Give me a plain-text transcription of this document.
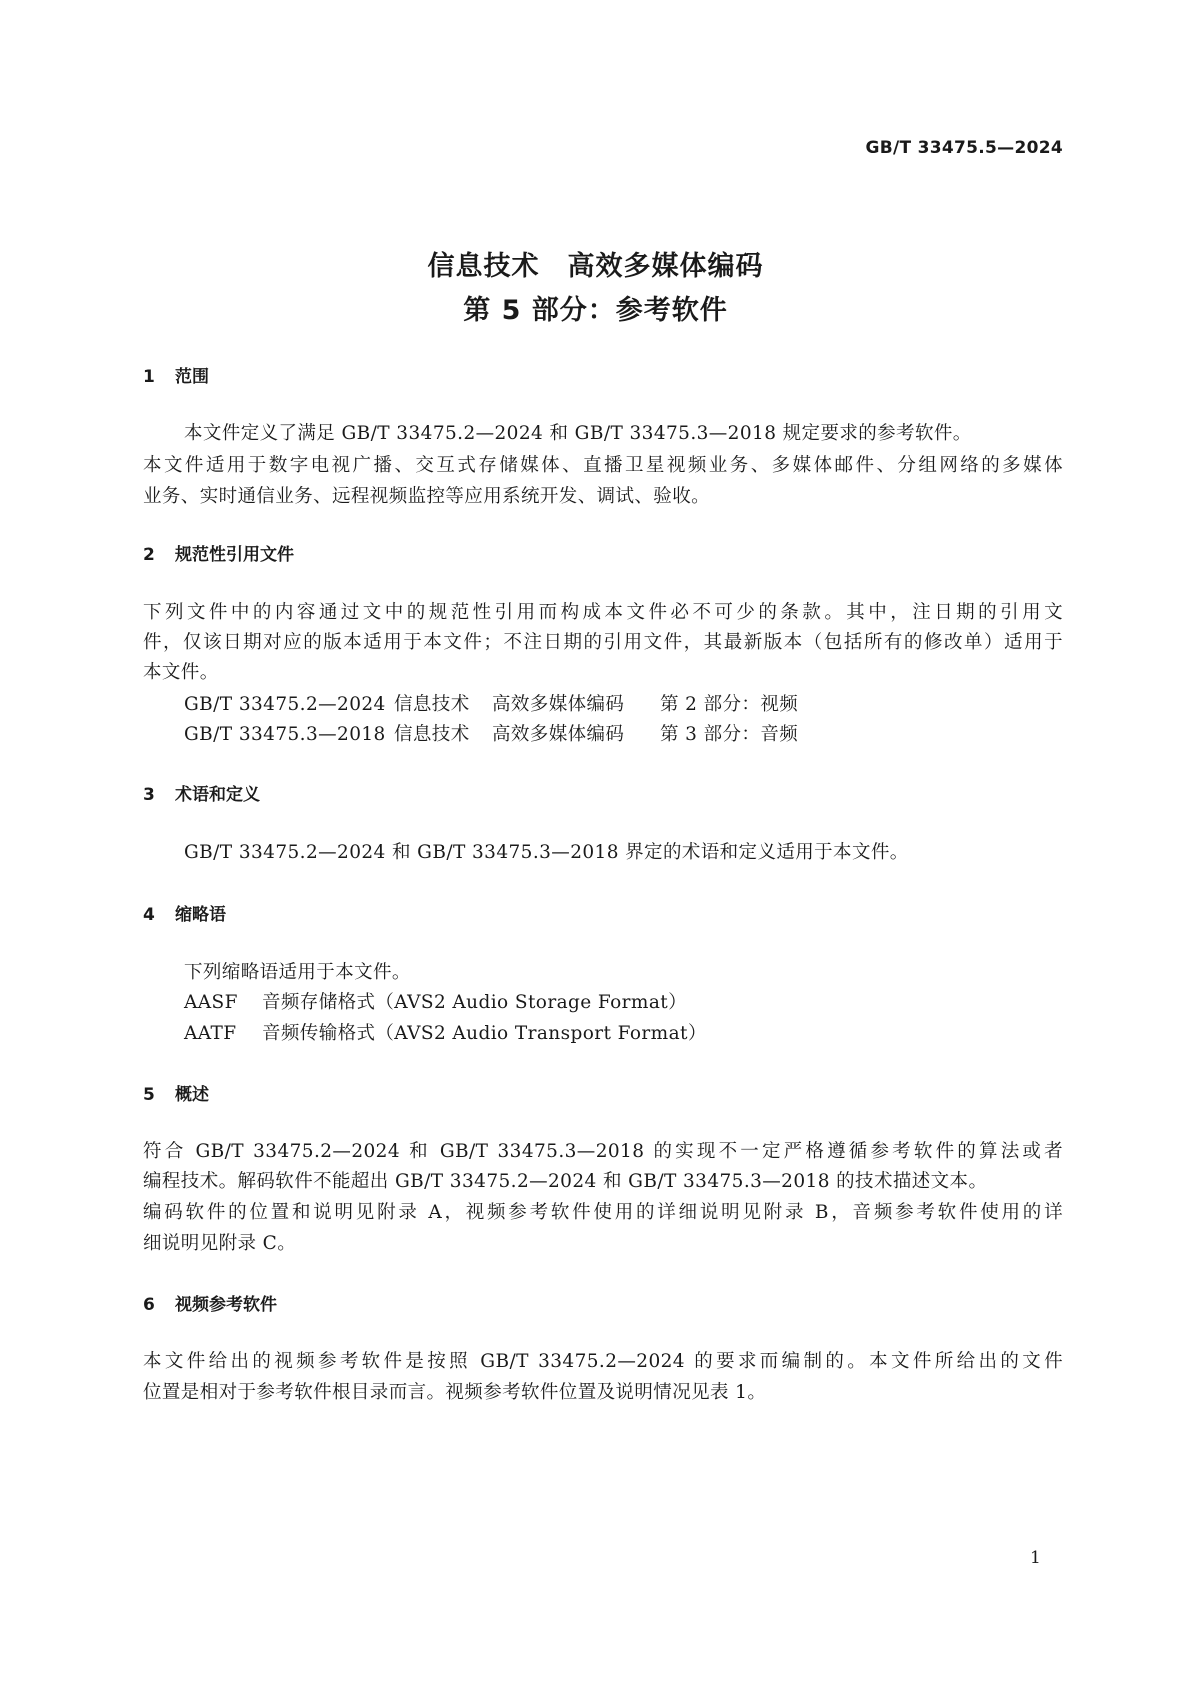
GB/T 33475.5—2024
信息技术　高效多媒体编码
第 5 部分：参考软件
1 范围
本文件定义了满足 GB/T 33475.2—2024 和 GB/T 33475.3—2018 规定要求的参考软件。
本文件适用于数字电视广播、交互式存储媒体、直播卫星视频业务、多媒体邮件、分组网络的多媒体
业务、实时通信业务、远程视频监控等应用系统开发、调试、验收。
2 规范性引用文件
下列文件中的内容通过文中的规范性引用而构成本文件必不可少的条款。其中，注日期的引用文
件，仅该日期对应的版本适用于本文件；不注日期的引用文件，其最新版本（包括所有的修改单）适用于
本文件。
GB/T 33475.2—2024 信息技术 高效多媒体编码 第 2 部分：视频
GB/T 33475.3—2018 信息技术 高效多媒体编码 第 3 部分：音频
3 术语和定义
GB/T 33475.2—2024 和 GB/T 33475.3—2018 界定的术语和定义适用于本文件。
4 缩略语
下列缩略语适用于本文件。
AASF 音频存储格式（AVS2 Audio Storage Format）
AATF 音频传输格式（AVS2 Audio Transport Format）
5 概述
符合 GB/T 33475.2—2024 和 GB/T 33475.3—2018 的实现不一定严格遵循参考软件的算法或者
编程技术。解码软件不能超出 GB/T 33475.2—2024 和 GB/T 33475.3—2018 的技术描述文本。
编码软件的位置和说明见附录 A，视频参考软件使用的详细说明见附录 B，音频参考软件使用的详
细说明见附录 C。
6 视频参考软件
本文件给出的视频参考软件是按照 GB/T 33475.2—2024 的要求而编制的。本文件所给出的文件
位置是相对于参考软件根目录而言。视频参考软件位置及说明情况见表 1。
1
